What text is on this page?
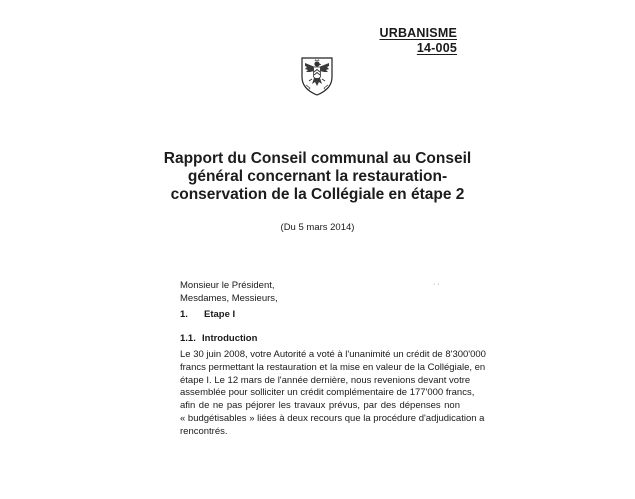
URBANISME
14-005
Rapport du Conseil communal au Conseil
général concernant la restauration-
conservation de la Collégiale en étape 2
(Du 5 mars 2014)
Monsieur le Président,
Mesdames, Messieurs,
· ·
1. Etape I
1.1. Introduction
Le 30 juin 2008, votre Autorité a voté à l'unanimité un crédit de 8'300'000
francs permettant la restauration et la mise en valeur de la Collégiale, en
étape I. Le 12 mars de l'année dernière, nous revenions devant votre
assemblée pour solliciter un crédit complémentaire de 177'000 francs,
afin de ne pas péjorer les travaux prévus, par des dépenses non
« budgétisables » liées à deux recours que la procédure d'adjudication a
rencontrés.
